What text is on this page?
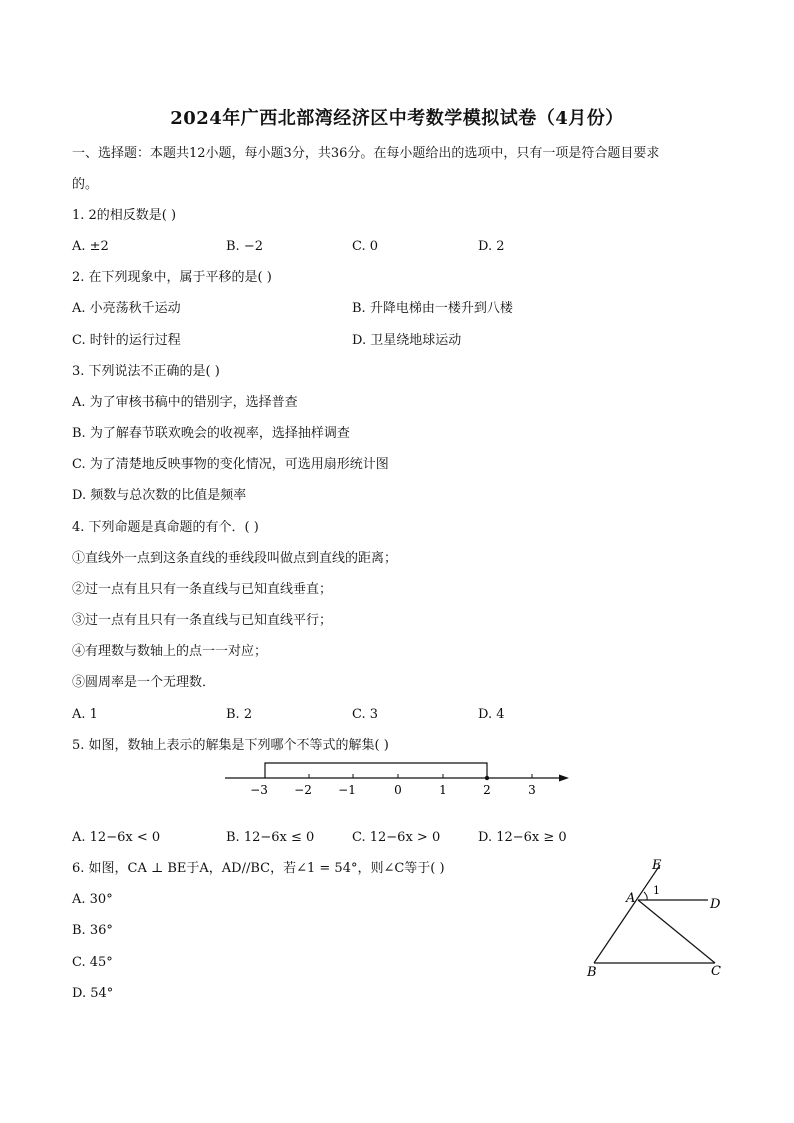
2024年广西北部湾经济区中考数学模拟试卷（4月份）
一、选择题：本题共12小题，每小题3分，共36分。在每小题给出的选项中，只有一项是符合题目要求
的。
1. 2的相反数是( )
A. ±2	B. −2	C. 0	D. 2
2. 在下列现象中，属于平移的是( )
A. 小亮荡秋千运动	B. 升降电梯由一楼升到八楼
C. 时针的运行过程	D. 卫星绕地球运动
3. 下列说法不正确的是( )
A. 为了审核书稿中的错别字，选择普查
B. 为了解春节联欢晚会的收视率，选择抽样调查
C. 为了清楚地反映事物的变化情况，可选用扇形统计图
D. 频数与总次数的比值是频率
4. 下列命题是真命题的有个．( )
①直线外一点到这条直线的垂线段叫做点到直线的距离；
②过一点有且只有一条直线与已知直线垂直；
③过一点有且只有一条直线与已知直线平行；
④有理数与数轴上的点一一对应；
⑤圆周率是一个无理数．
A. 1	B. 2	C. 3	D. 4
5. 如图，数轴上表示的解集是下列哪个不等式的解集( )
−3 −2 −1	0	1	2	3
A. 12−6x < 0	B. 12−6x ≤ 0	C. 12−6x > 0	D. 12−6x ≥ 0
6. 如图，CA ⊥ BE于A，AD//BC，若∠1 = 54°，则∠C等于( )
A. 30°
B. 36°
C. 45°
D. 54°
E
1
A	D
B	C
